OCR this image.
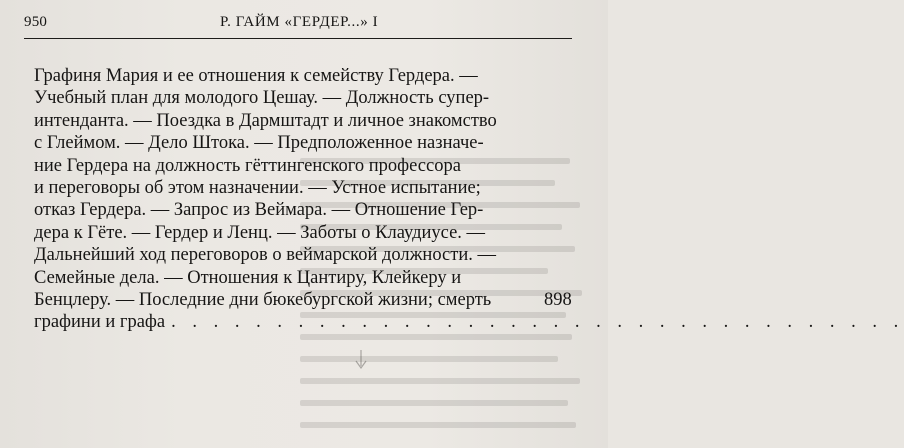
950	Р. ГАЙМ «ГЕРДЕР...» I
Графиня Мария и ее отношения к семейству Гердера. —
Учебный план для молодого Цешау. — Должность супер-
интенданта. — Поездка в Дармштадт и личное знакомство
с Глеймом. — Дело Штока. — Предположенное назначе-
ние Гердера на должность гёттингенского профессора
и переговоры об этом назначении. — Устное испытание;
отказ Гердера. — Запрос из Веймара. — Отношение Гер-
дера к Гёте. — Гердер и Ленц. — Заботы о Клаудиусе. —
Дальнейший ход переговоров о веймарской должности. —
Семейные дела. — Отношения к Цантиру, Клейкеру и
Бенцлеру. — Последние дни бюкебургской жизни; смерть
графини и графа . . . . . . . . . . . . . . . . . . . . . . . . . . . . . . . . . . .
898
